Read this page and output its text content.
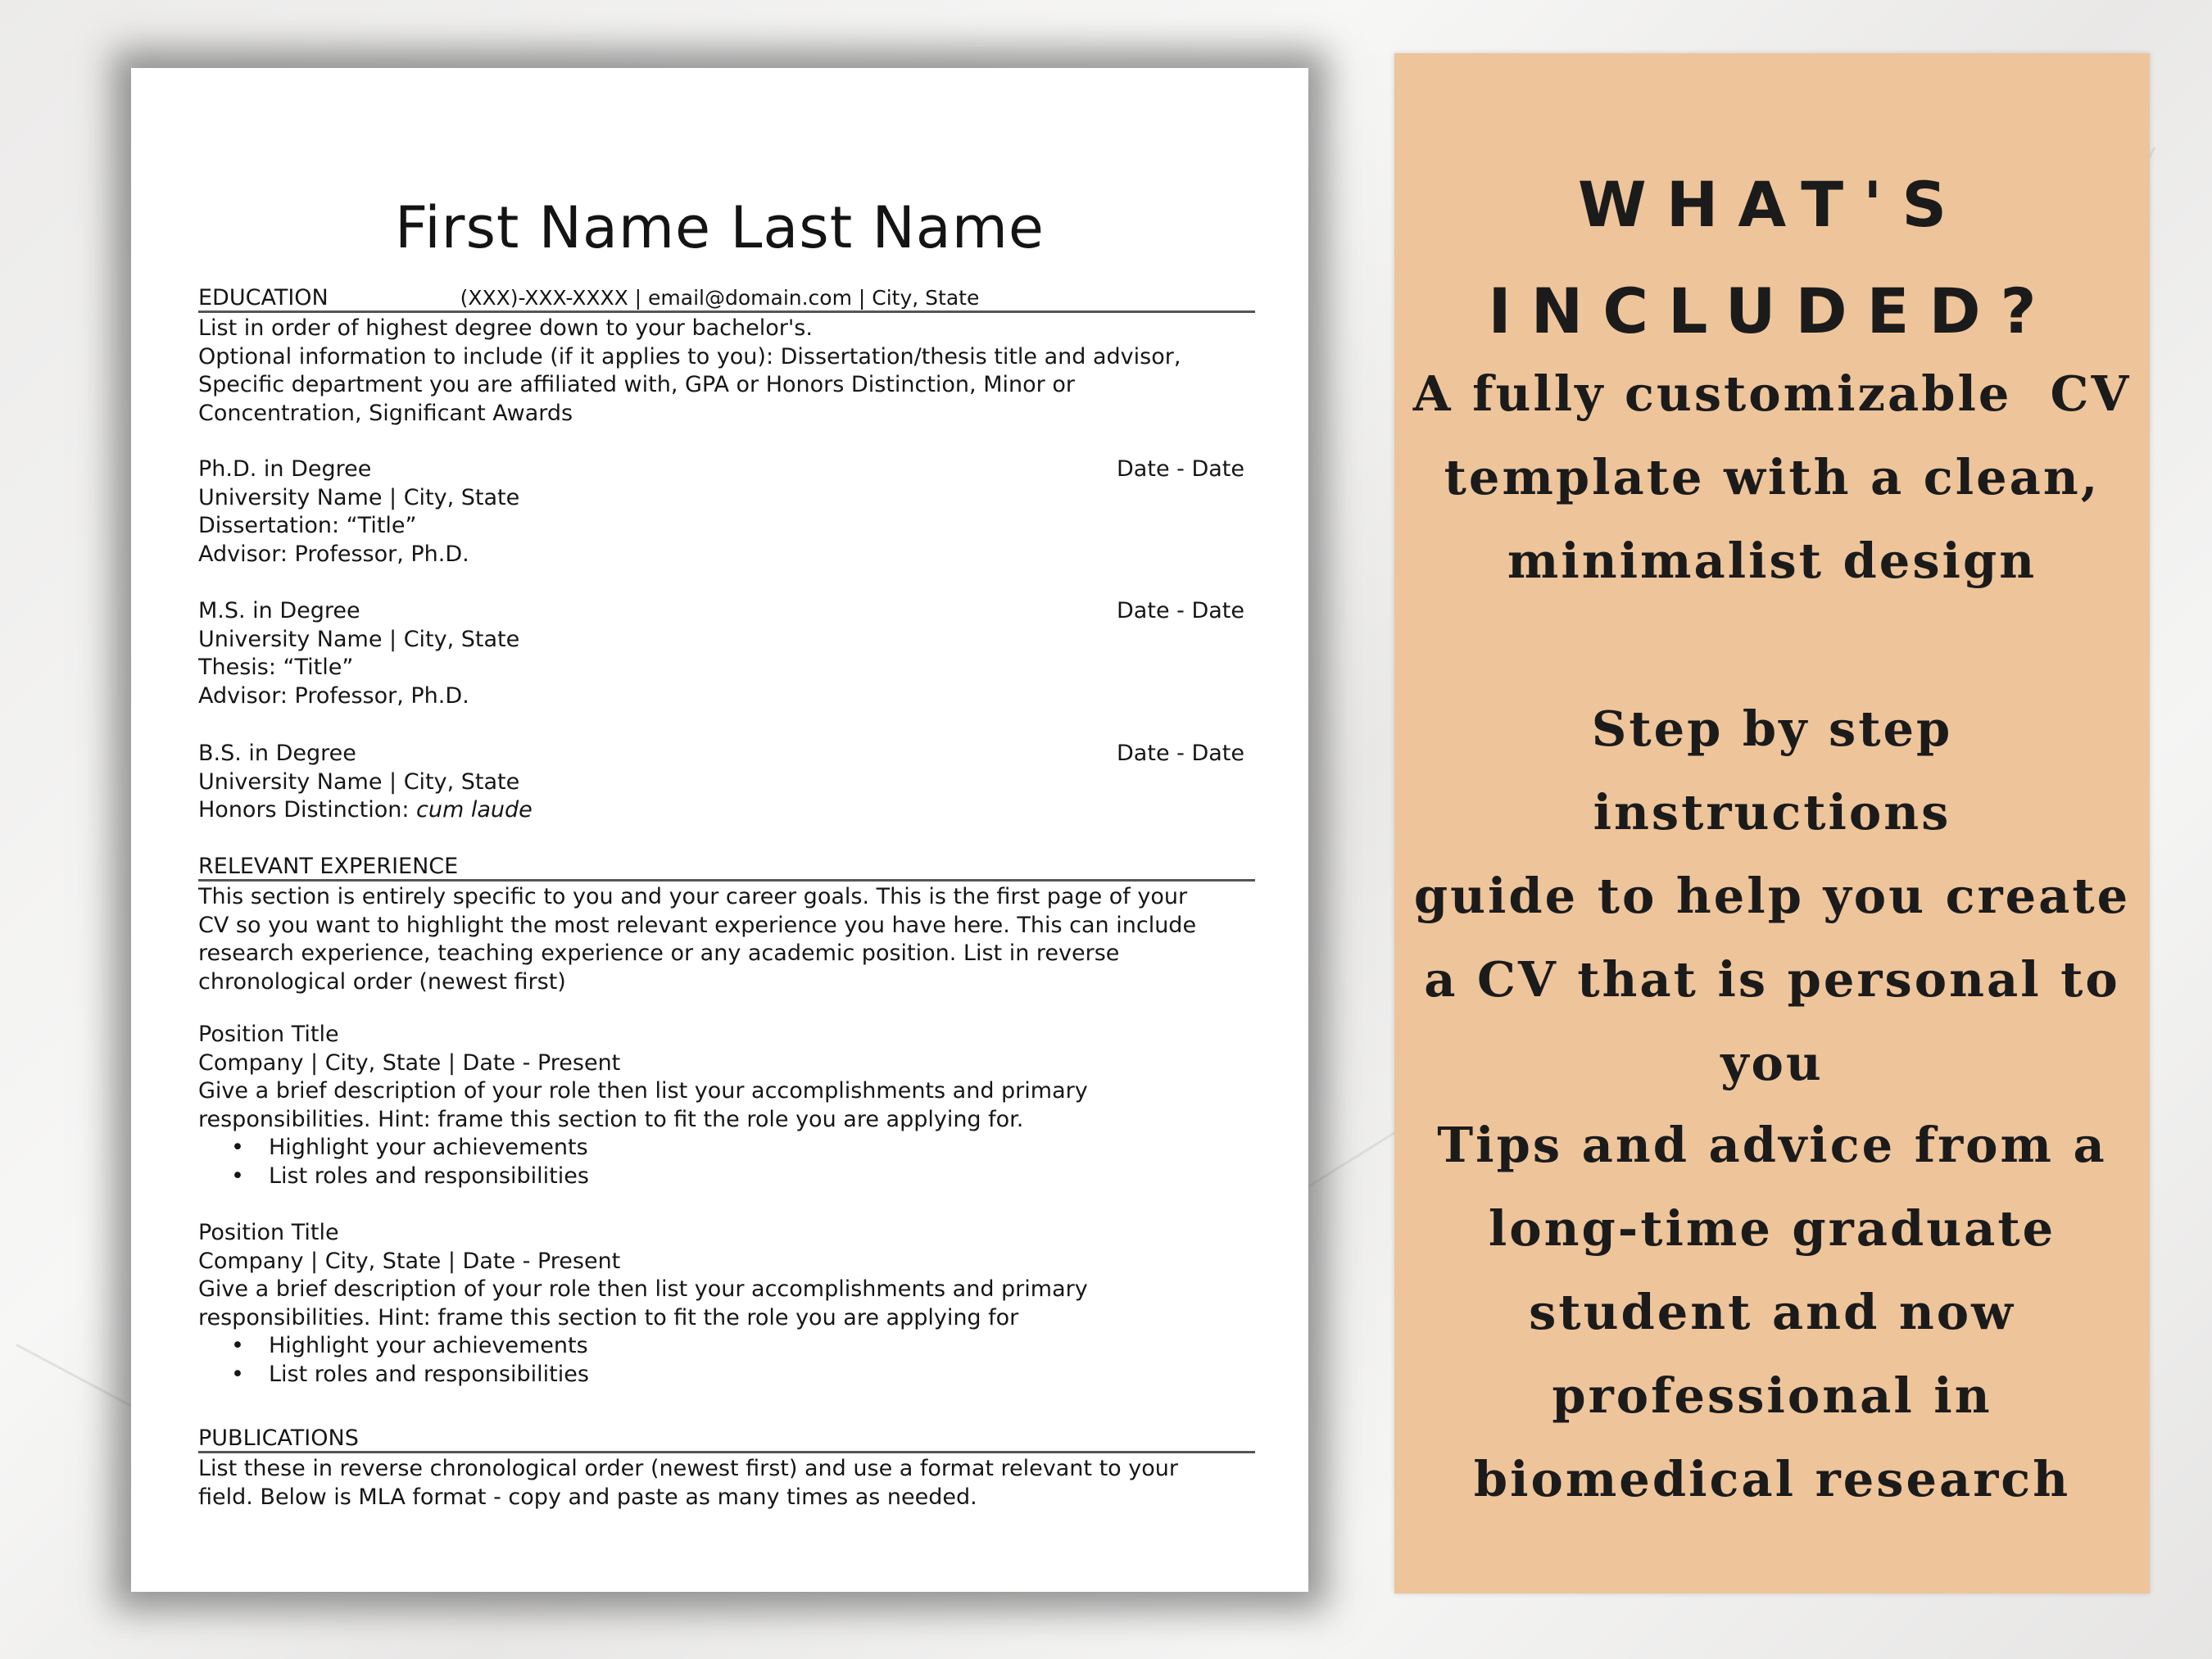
First Name Last Name
(XXX)-XXX-XXXX | email@domain.com | City, State
EDUCATION
List in order of highest degree down to your bachelor's.
Optional information to include (if it applies to you): Dissertation/thesis title and advisor,
Specific department you are affiliated with, GPA or Honors Distinction, Minor or
Concentration, Significant Awards
Ph.D. in Degree
University Name | City, State
Dissertation: “Title”
Advisor: Professor, Ph.D.
Date - Date
M.S. in Degree
University Name | City, State
Thesis: “Title”
Advisor: Professor, Ph.D.
Date - Date
B.S. in Degree
University Name | City, State
Honors Distinction: cum laude
Date - Date
RELEVANT EXPERIENCE
This section is entirely specific to you and your career goals. This is the first page of your
CV so you want to highlight the most relevant experience you have here. This can include
research experience, teaching experience or any academic position. List in reverse
chronological order (newest first)
Position Title
Company | City, State | Date - Present
Give a brief description of your role then list your accomplishments and primary
responsibilities. Hint: frame this section to fit the role you are applying for.
• Highlight your achievements
• List roles and responsibilities
Position Title
Company | City, State | Date - Present
Give a brief description of your role then list your accomplishments and primary
responsibilities. Hint: frame this section to fit the role you are applying for
• Highlight your achievements
• List roles and responsibilities
PUBLICATIONS
List these in reverse chronological order (newest first) and use a format relevant to your
field. Below is MLA format - copy and paste as many times as needed.
WHAT'S
INCLUDED?
A fully customizable  CV
template with a clean,
minimalist design
Step by step instructions
guide to help you create
a CV that is personal to
you
Tips and advice from a
long-time graduate
student and now
professional in
biomedical research
